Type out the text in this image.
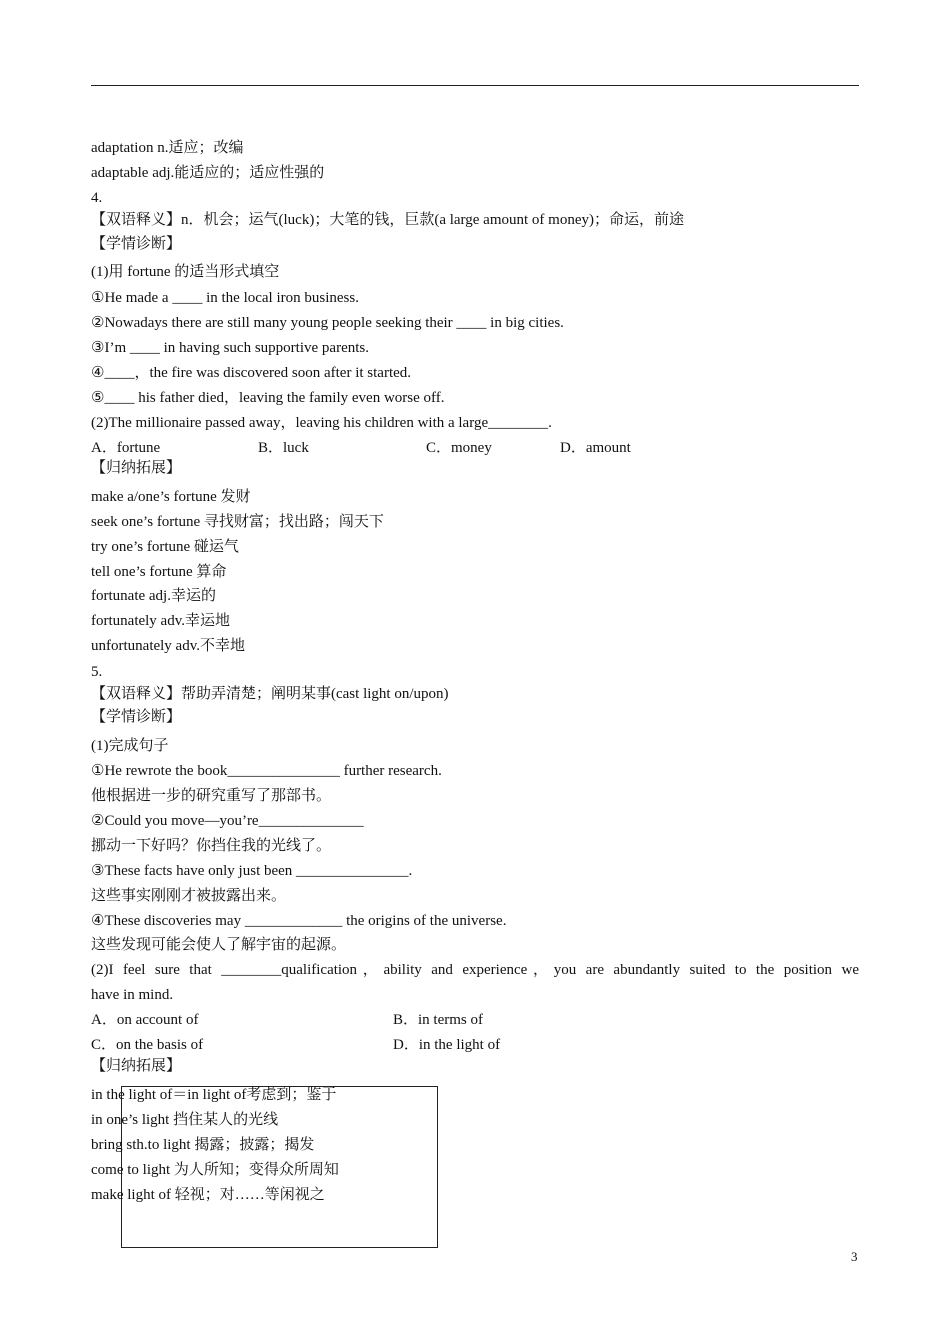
adaptation n.适应；改编
adaptable adj.能适应的；适应性强的
4.
【双语释义】n．机会；运气(luck)；大笔的钱，巨款(a large amount of money)；命运，前途
【学情诊断】
(1)用 fortune 的适当形式填空
①He made a ____ in the local iron business.
②Nowadays there are still many young people seeking their ____ in big cities.
③I’m ____ in having such supportive parents.
④____，the fire was discovered soon after it started.
⑤____ his father died，leaving the family even worse off.
(2)The millionaire passed away，leaving his children with a large________.
A．fortune	B．luck	C．money	D．amount
【归纳拓展】
make a/one’s fortune 发财
seek one’s fortune 寻找财富；找出路；闯天下
try one’s fortune 碰运气
tell one’s fortune 算命
fortunate adj.幸运的
fortunately adv.幸运地
unfortunately adv.不幸地
5.
【双语释义】帮助弄清楚；阐明某事(cast light on/upon)
【学情诊断】
(1)完成句子
①He rewrote the book_______________ further research.
他根据进一步的研究重写了那部书。
②Could you move—you’re______________
挪动一下好吗？你挡住我的光线了。
③These facts have only just been _______________.
这些事实刚刚才被披露出来。
④These discoveries may _____________ the origins of the universe.
这些发现可能会使人了解宇宙的起源。
(2)I feel sure that ________qualification，ability and experience，you are abundantly suited to the position we
have in mind.
A．on account of	B．in terms of
C．on the basis of	D．in the light of
【归纳拓展】
in the light of＝in light of考虑到；鉴于
in one’s light 挡住某人的光线
bring sth.to light 揭露；披露；揭发
come to light 为人所知；变得众所周知
make light of 轻视；对……等闲视之
3
